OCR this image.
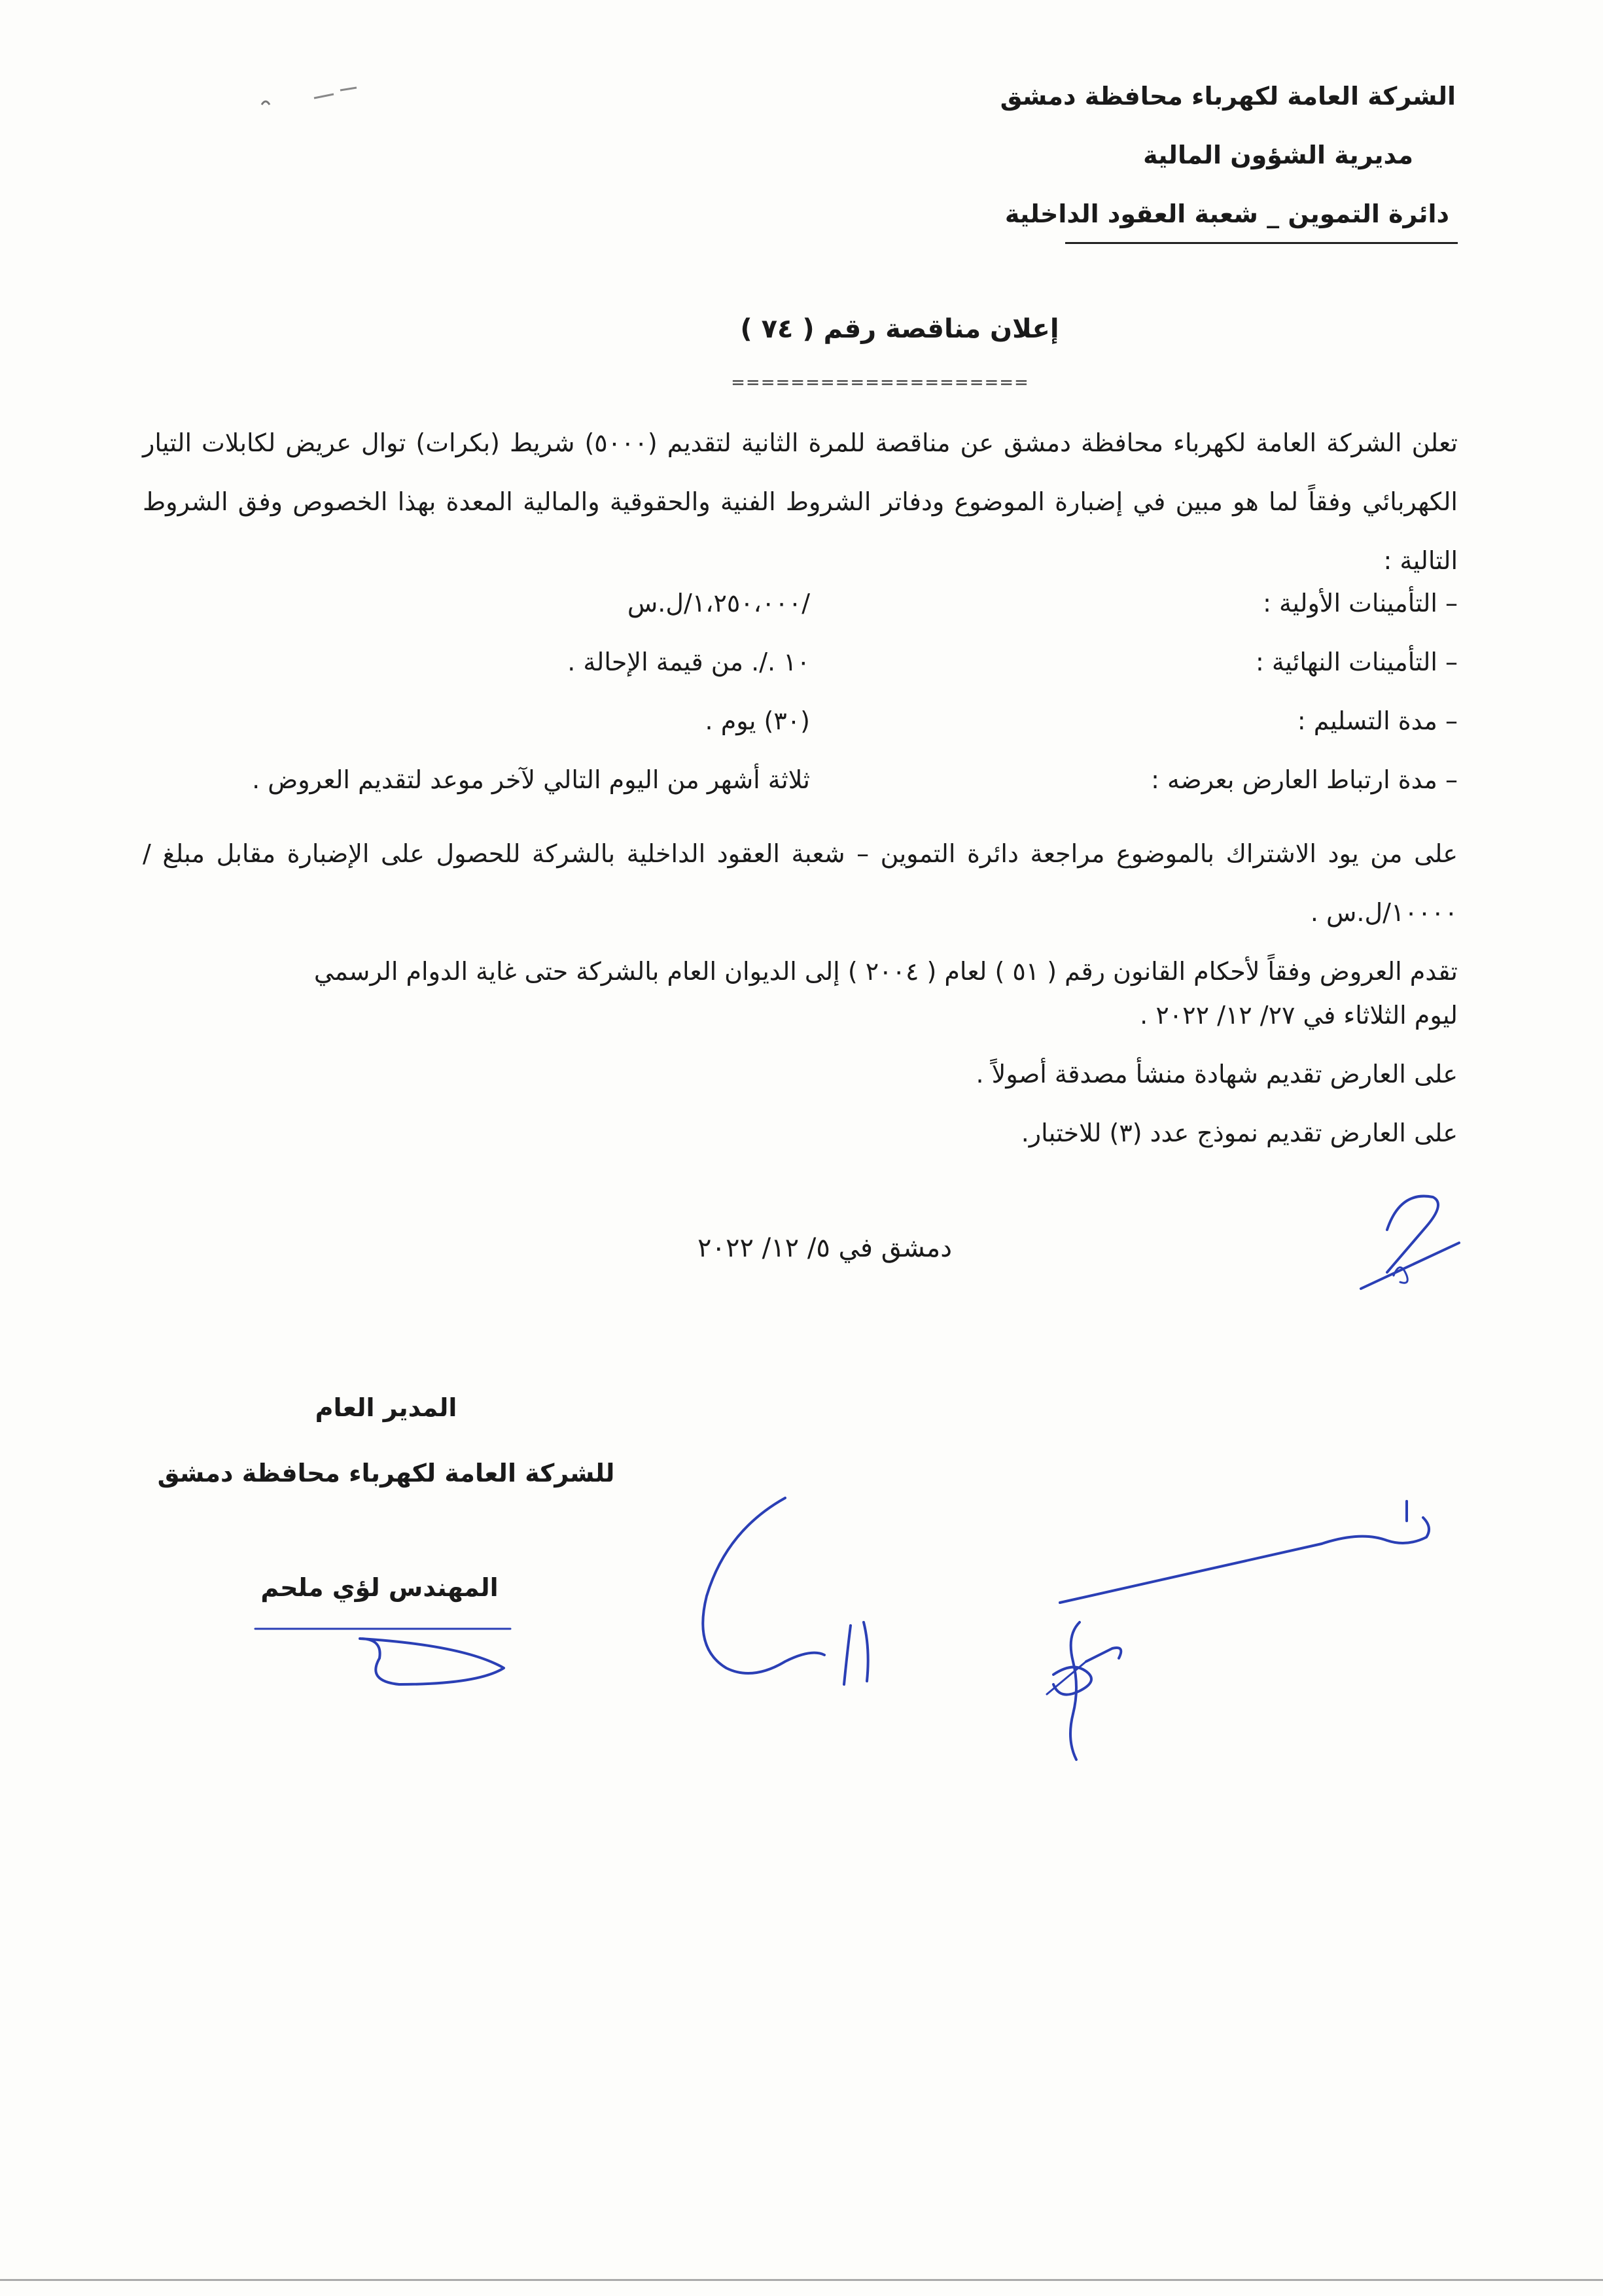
الشركة العامة لكهرباء محافظة دمشق
مديرية الشؤون المالية
دائرة التموين _ شعبة العقود الداخلية
إعلان مناقصة رقم ( ٧٤ )
====================
تعلن الشركة العامة لكهرباء محافظة دمشق عن مناقصة للمرة الثانية لتقديم (٥٠٠٠) شريط (بكرات) توال عريض لكابلات التيار الكهربائي وفقاً لما هو مبين في إضبارة الموضوع ودفاتر الشروط الفنية والحقوقية والمالية المعدة بهذا الخصوص وفق الشروط التالية :
– التأمينات الأولية :
/١،٢٥٠،٠٠٠/ل.س
– التأمينات النهائية :
١٠ ./. من قيمة الإحالة .
– مدة التسليم :
(٣٠) يوم .
– مدة ارتباط العارض بعرضه :
ثلاثة أشهر من اليوم التالي لآخر موعد لتقديم العروض .
على من يود الاشتراك بالموضوع مراجعة دائرة التموين – شعبة العقود الداخلية بالشركة للحصول على الإضبارة مقابل مبلغ /١٠٠٠٠/ل.س .
تقدم العروض وفقاً لأحكام القانون رقم ( ٥١ ) لعام ( ٢٠٠٤ ) إلى الديوان العام بالشركة حتى غاية الدوام الرسمي
ليوم الثلاثاء في ٢٧/ ١٢/ ٢٠٢٢ .
على العارض تقديم شهادة منشأ مصدقة أصولاً .
على العارض تقديم نموذج عدد (٣) للاختبار.
دمشق في ٥/ ١٢/ ٢٠٢٢
المدير العام
للشركة العامة لكهرباء محافظة دمشق
المهندس لؤي ملحم
